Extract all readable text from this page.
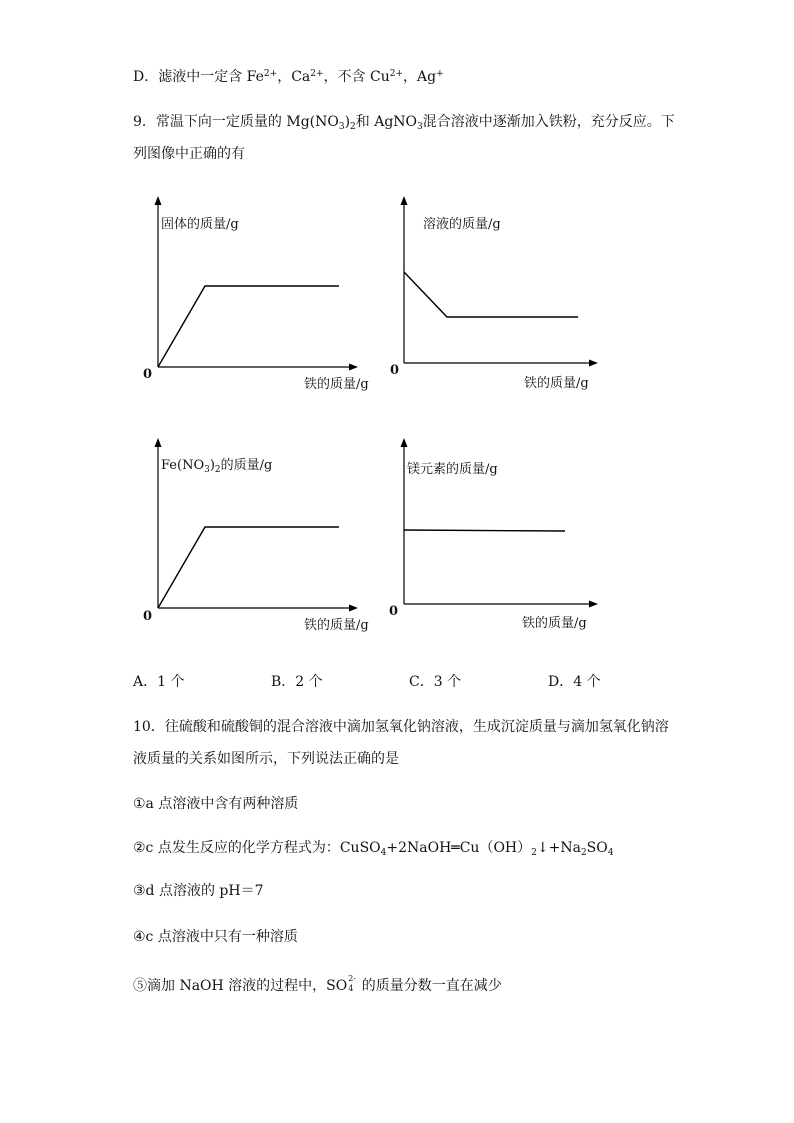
D．滤液中一定含 $Fe^{2+}$，$Ca^{2+}$，不含 $Cu^{2+}$，Ag+
9．常温下向一定质量的 $Mg(NO_3)_2$和 AgNO$_3$混合溶液中逐渐加入铁粉，充分反应。下
列图像中正确的有
固体的质量/g
铁的质量/g
0
溶液的质量/g
铁的质量/g
0
$Fe(NO_3)_2$的质量/g
铁的质量/g
0
镁元素的质量/g
铁的质量/g
0
A．1 个	B．2 个	C．3 个	D．4 个
10．往硫酸和硫酸铜的混合溶液中滴加氢氧化钠溶液，生成沉淀质量与滴加氢氧化钠溶
液质量的关系如图所示，下列说法正确的是
①a 点溶液中含有两种溶质
②c 点发生反应的化学方程式为：$CuSO_4+2NaOH═Cu(OH)_2↓+Na_2SO_4$
③d 点溶液的 pH＝7
④c 点溶液中只有一种溶质
⑤滴加 NaOH 溶液的过程中，SO 2-
4 的质量分数一直在减少
